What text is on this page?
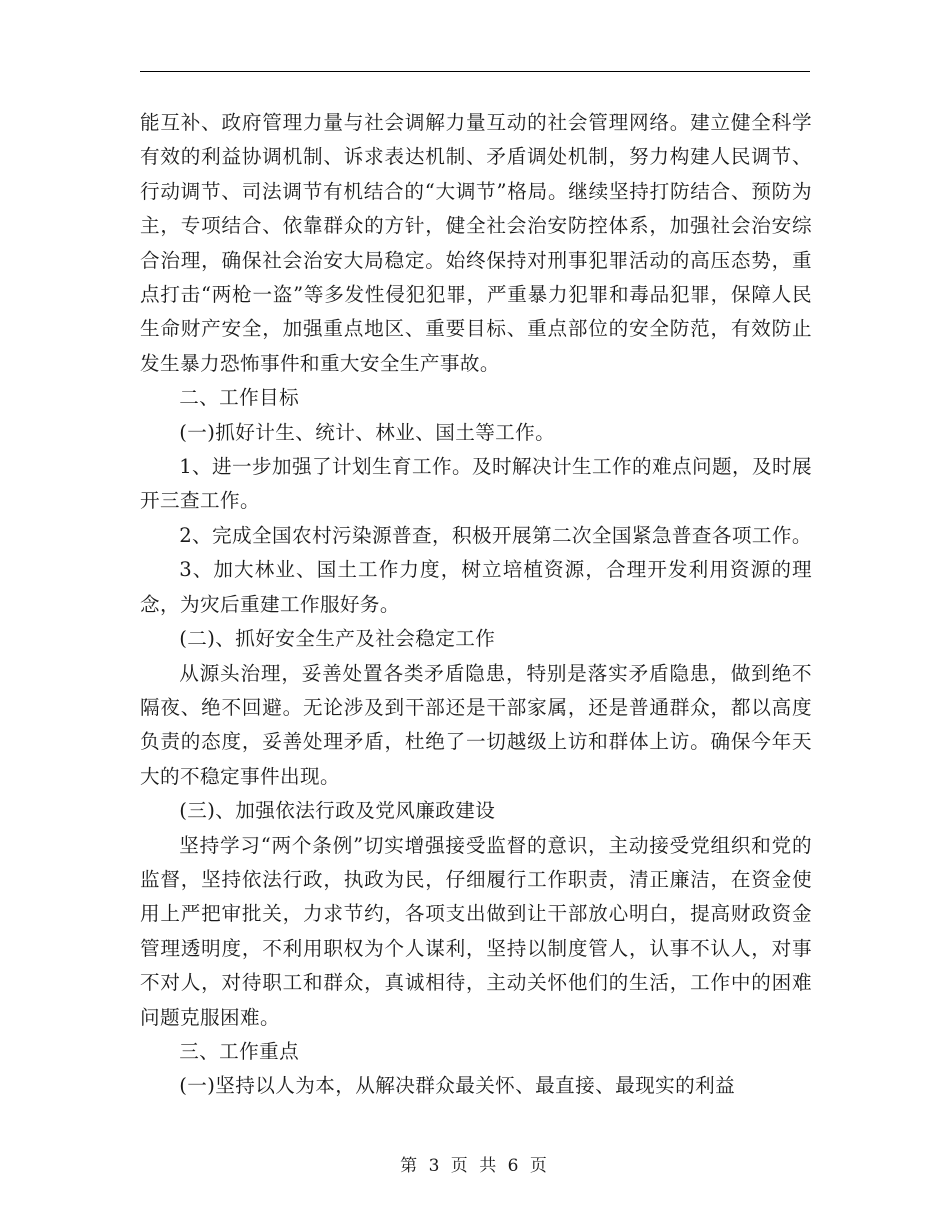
能互补、政府管理力量与社会调解力量互动的社会管理网络。建立健全科学有效的利益协调机制、诉求表达机制、矛盾调处机制，努力构建人民调节、行动调节、司法调节有机结合的“大调节”格局。继续坚持打防结合、预防为主，专项结合、依靠群众的方针，健全社会治安防控体系，加强社会治安综合治理，确保社会治安大局稳定。始终保持对刑事犯罪活动的高压态势，重点打击“两枪一盗”等多发性侵犯犯罪，严重暴力犯罪和毒品犯罪，保障人民生命财产安全，加强重点地区、重要目标、重点部位的安全防范，有效防止发生暴力恐怖事件和重大安全生产事故。

二、工作目标

(一)抓好计生、统计、林业、国土等工作。

1、进一步加强了计划生育工作。及时解决计生工作的难点问题，及时展开三查工作。

2、完成全国农村污染源普查，积极开展第二次全国紧急普查各项工作。

3、加大林业、国土工作力度，树立培植资源，合理开发利用资源的理念，为灾后重建工作服好务。

(二)、抓好安全生产及社会稳定工作

从源头治理，妥善处置各类矛盾隐患，特别是落实矛盾隐患，做到绝不隔夜、绝不回避。无论涉及到干部还是干部家属，还是普通群众，都以高度负责的态度，妥善处理矛盾，杜绝了一切越级上访和群体上访。确保今年天大的不稳定事件出现。

(三)、加强依法行政及党风廉政建设

坚持学习“两个条例”切实增强接受监督的意识，主动接受党组织和党的监督，坚持依法行政，执政为民，仔细履行工作职责，清正廉洁，在资金使用上严把审批关，力求节约，各项支出做到让干部放心明白，提高财政资金管理透明度，不利用职权为个人谋利，坚持以制度管人，认事不认人，对事不对人，对待职工和群众，真诚相待，主动关怀他们的生活，工作中的困难问题克服困难。

三、工作重点

(一)坚持以人为本，从解决群众最关怀、最直接、最现实的利益

第 3 页 共 6 页
